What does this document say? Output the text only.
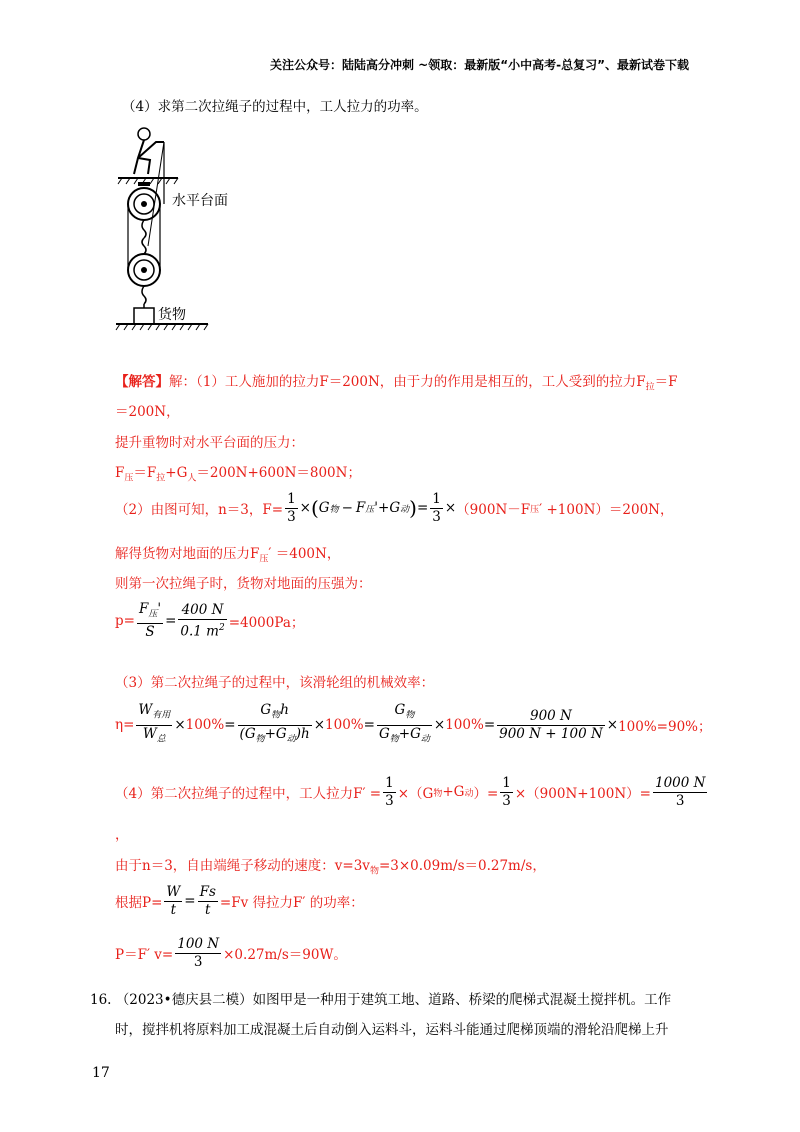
关注公众号：陆陆高分冲刺 ~领取：最新版“小中高考-总复习”、最新试卷下载
（4）求第二次拉绳子的过程中，工人拉力的功率。
水平台面
货物
【解答】解：（1）工人施加的拉力F＝200N，由于力的作用是相互的，工人受到的拉力$F_拉=F$
＝200N，
提升重物时对水平台面的压力：
$F_压=F_拉+G_人=200N+600N=800N$；
（2）由图可知，n＝3，$F= \frac{1}{3}$ × ( G 物 − F 压 ' + G 动 ) = $\frac{1}{3} \times (900N-F$ 压 ′ +100N）＝200N，
解得货物对地面的压力$F_压' =400N$，
则第一次拉绳子时，货物对地面的压强为：
$p= \frac{F_压'}{S} = \frac{400 N}{0.1 m^2} =4000Pa$；
（3）第二次拉绳子的过程中，该滑轮组的机械效率：
$\eta= \frac{W_{有用}}{W_总} \times 100\% = \frac{G_物h}{(G_物+G_动)h} \times 100\% = \frac{G_物}{G_物+G_动} \times 100\% = \frac{900 N}{900 N + 100 N} \times 100\%=90\%$；
（4）第二次拉绳子的过程中，工人拉力$F' = \frac{1}{3} \times(G$ 物 +G 动 ）= $\frac{1}{3} \times(900N+100N)= \frac{1000 N}{3}$
，
由于n＝3，自由端绳子移动的速度：$v=3v_物=3\times 0.09m/s=0.27m/s$，
根据$P= \frac{W}{t} = \frac{Fs}{t} =Fv$ 得拉力F′ 的功率：
P＝F′ $v= \frac{100 N}{3} \times 0.27m/s=90W$。
16. （2023•德庆县二模）如图甲是一种用于建筑工地、道路、桥梁的爬梯式混凝土搅拌机。工作
时，搅拌机将原料加工成混凝土后自动倒入运料斗，运料斗能通过爬梯顶端的滑轮沿爬梯上升
17
